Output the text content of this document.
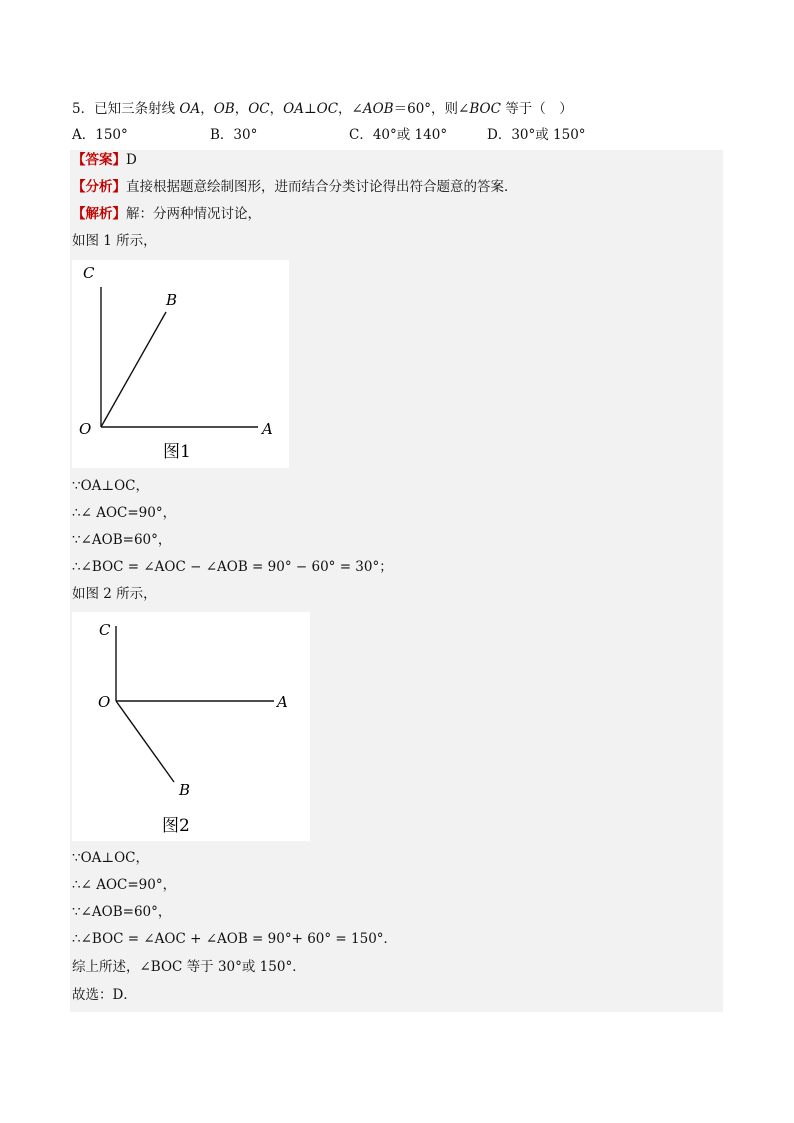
5．已知三条射线 OA，OB，OC，OA⊥OC，∠AOB＝60°，则∠BOC 等于（　）
A．150°	B．30°	C．40°或 140°	D．30°或 150°
【答案】D
【分析】直接根据题意绘制图形，进而结合分类讨论得出符合题意的答案．
【解析】解：分两种情况讨论，
如图 1 所示，
C
B
O	A
图1
∵OA⊥OC，
∴∠ AOC=90°，
∵∠AOB=60°，
∴∠BOC = ∠AOC − ∠AOB = 90° − 60° = 30°；
如图 2 所示，
C
O	A
B
图2
∵OA⊥OC，
∴∠ AOC=90°，
∵∠AOB=60°，
∴∠BOC = ∠AOC + ∠AOB = 90°+ 60° = 150°．
综上所述，∠BOC 等于 30°或 150°．
故选：D．
